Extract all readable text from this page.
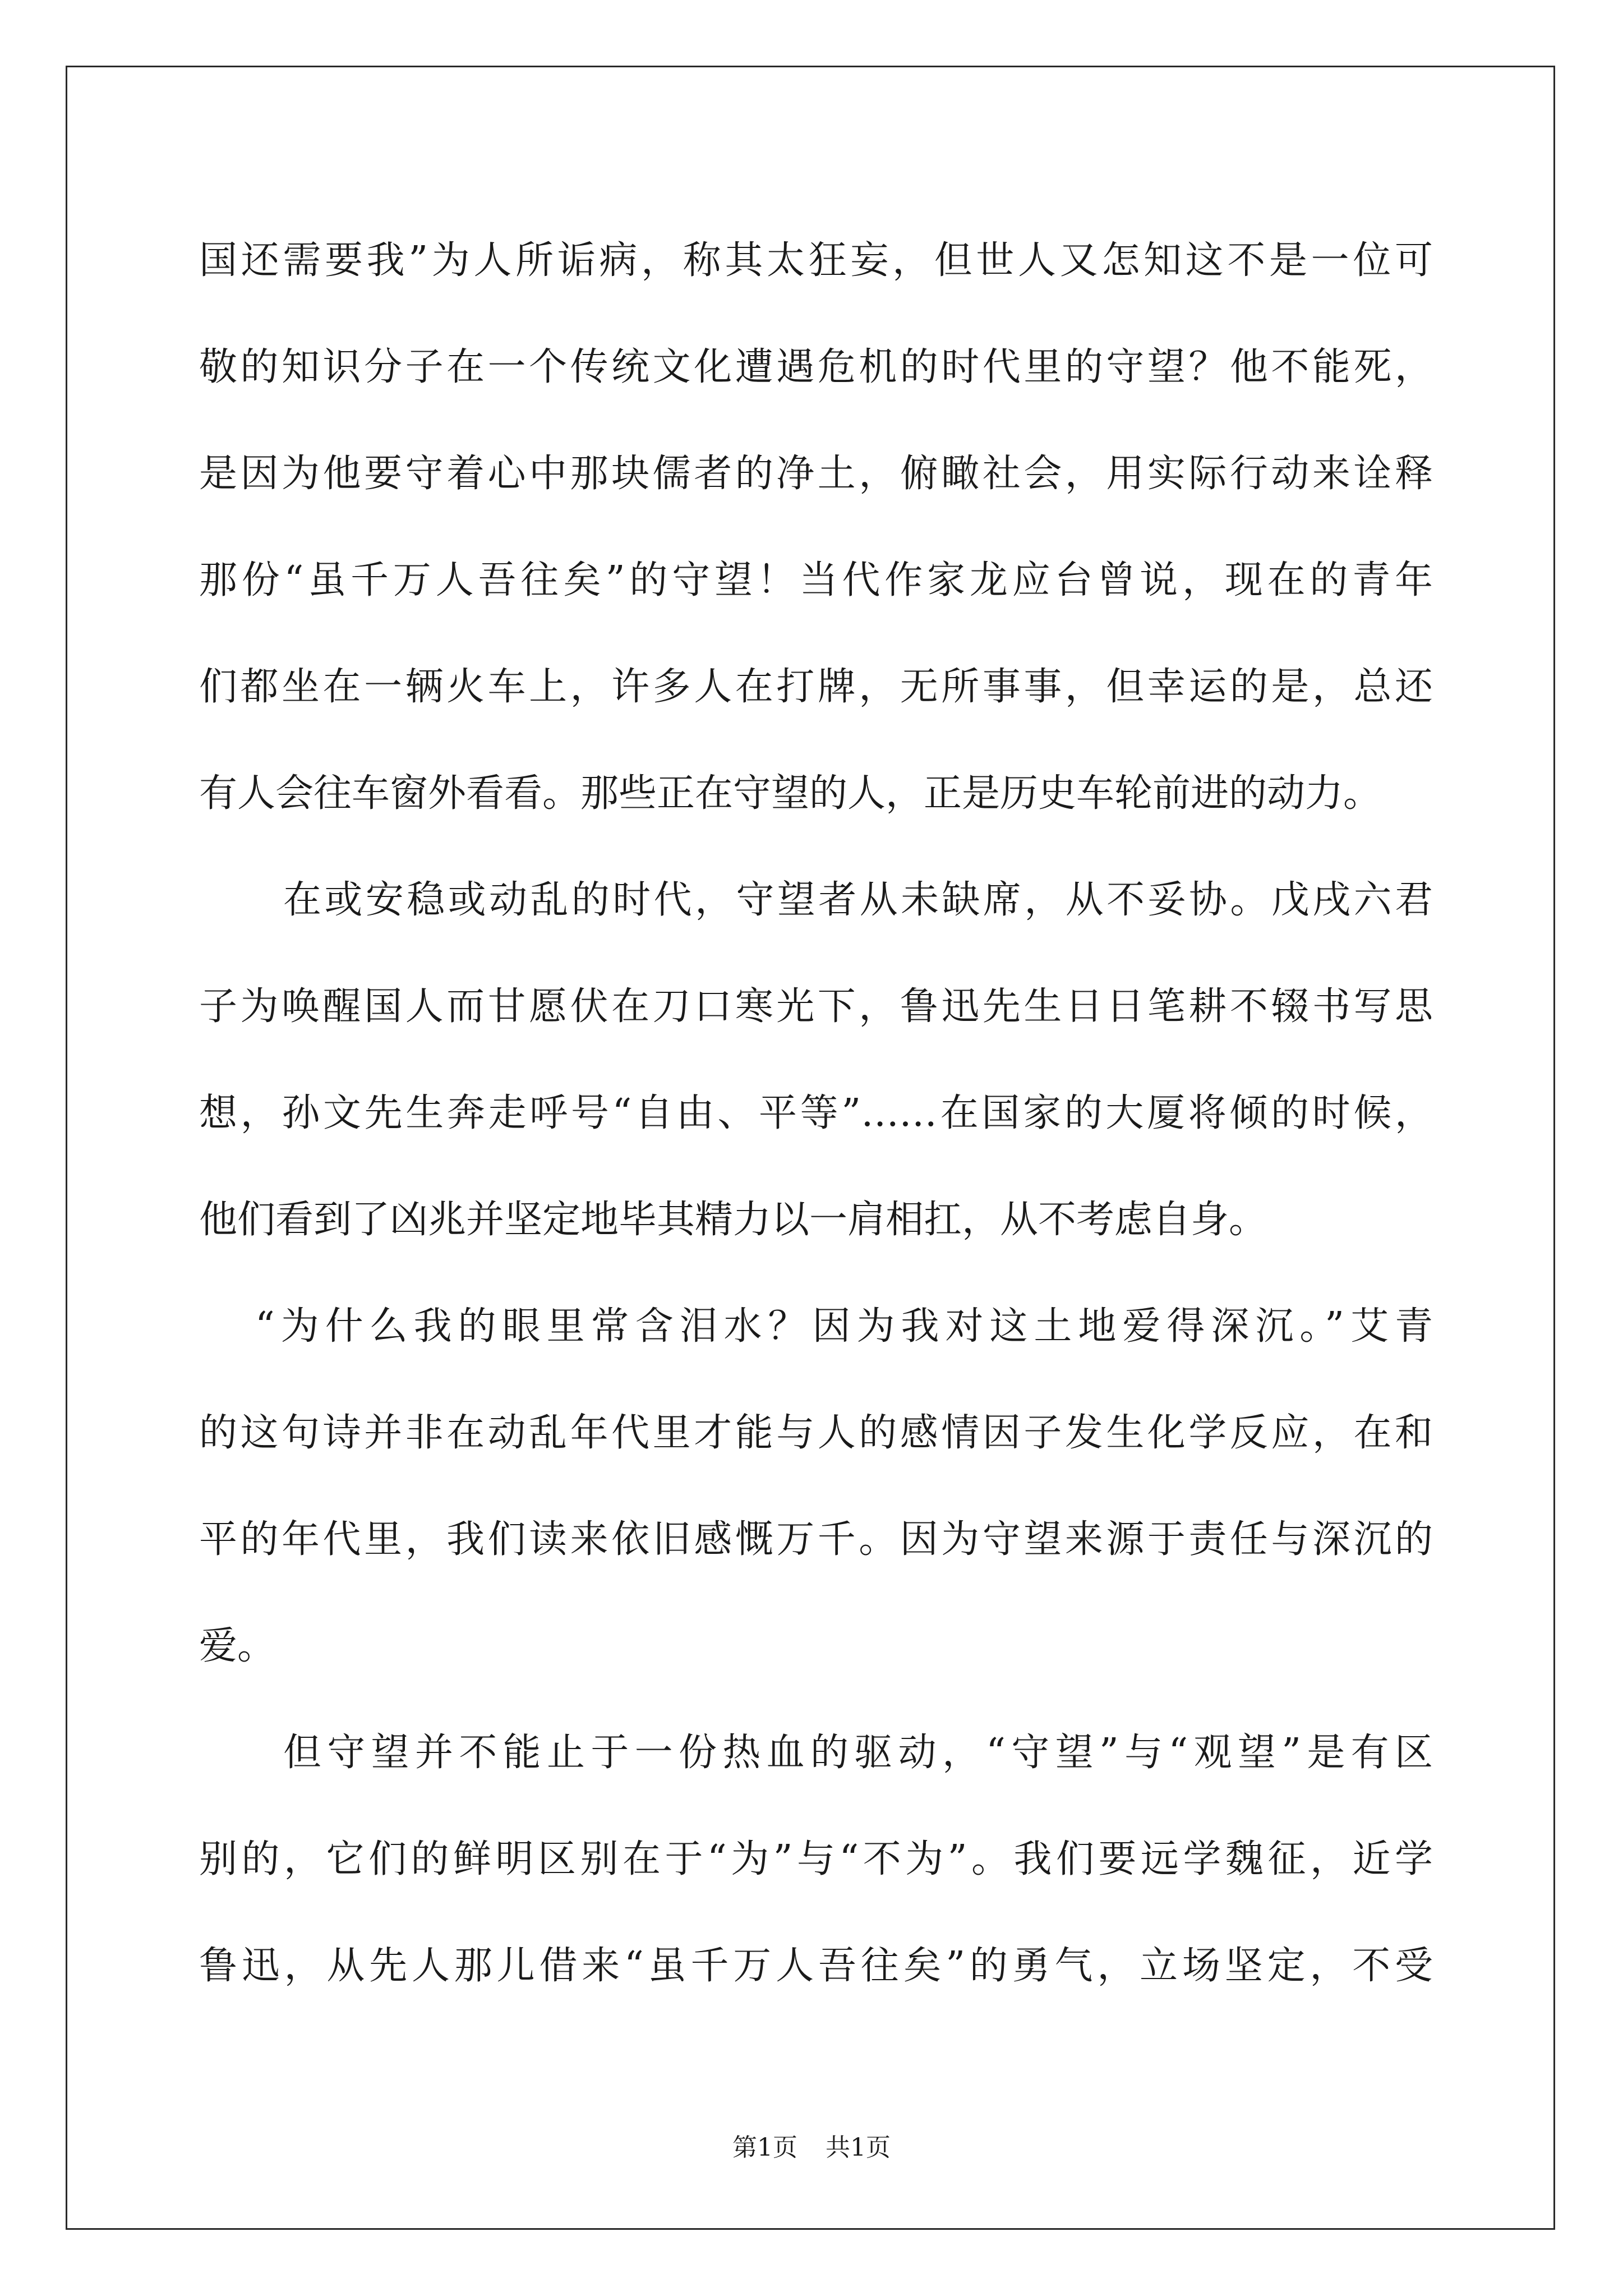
国还需要我”为人所诟病，称其太狂妄，但世人又怎知这不是一位可
敬的知识分子在一个传统文化遭遇危机的时代里的守望？他不能死，
是因为他要守着心中那块儒者的净土，俯瞰社会，用实际行动来诠释
那份“虽千万人吾往矣”的守望！当代作家龙应台曾说，现在的青年
们都坐在一辆火车上，许多人在打牌，无所事事，但幸运的是，总还
有人会往车窗外看看。那些正在守望的人，正是历史车轮前进的动力。
在或安稳或动乱的时代，守望者从未缺席，从不妥协。戊戌六君
子为唤醒国人而甘愿伏在刀口寒光下，鲁迅先生日日笔耕不辍书写思
想，孙文先生奔走呼号“自由、平等”……在国家的大厦将倾的时候，
他们看到了凶兆并坚定地毕其精力以一肩相扛，从不考虑自身。
“为什么我的眼里常含泪水？因为我对这土地爱得深沉。”艾青
的这句诗并非在动乱年代里才能与人的感情因子发生化学反应，在和
平的年代里，我们读来依旧感慨万千。因为守望来源于责任与深沉的
爱。
但守望并不能止于一份热血的驱动，“守望”与“观望”是有区
别的，它们的鲜明区别在于“为”与“不为”。我们要远学魏征，近学
鲁迅，从先人那儿借来“虽千万人吾往矣”的勇气，立场坚定，不受
第1页 共1页
